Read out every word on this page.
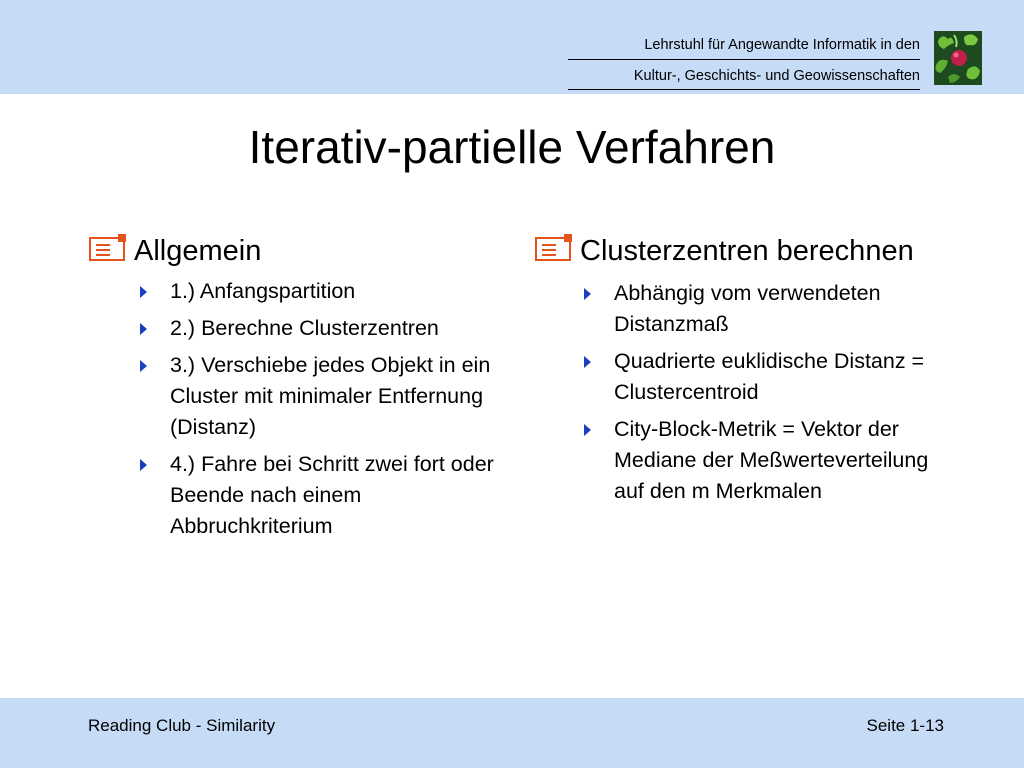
Lehrstuhl für Angewandte Informatik in den
Kultur-, Geschichts- und Geowissenschaften
Iterativ-partielle Verfahren
Allgemein
1.) Anfangspartition
2.) Berechne Clusterzentren
3.) Verschiebe jedes Objekt in ein Cluster mit minimaler Entfernung (Distanz)
4.) Fahre bei Schritt zwei fort oder Beende nach einem Abbruchkriterium
Clusterzentren berechnen
Abhängig vom verwendeten Distanzmaß
Quadrierte euklidische Distanz = Clustercentroid
City-Block-Metrik = Vektor der Mediane der Meßwerteverteilung auf den m Merkmalen
Reading Club - Similarity	Seite 1-13
